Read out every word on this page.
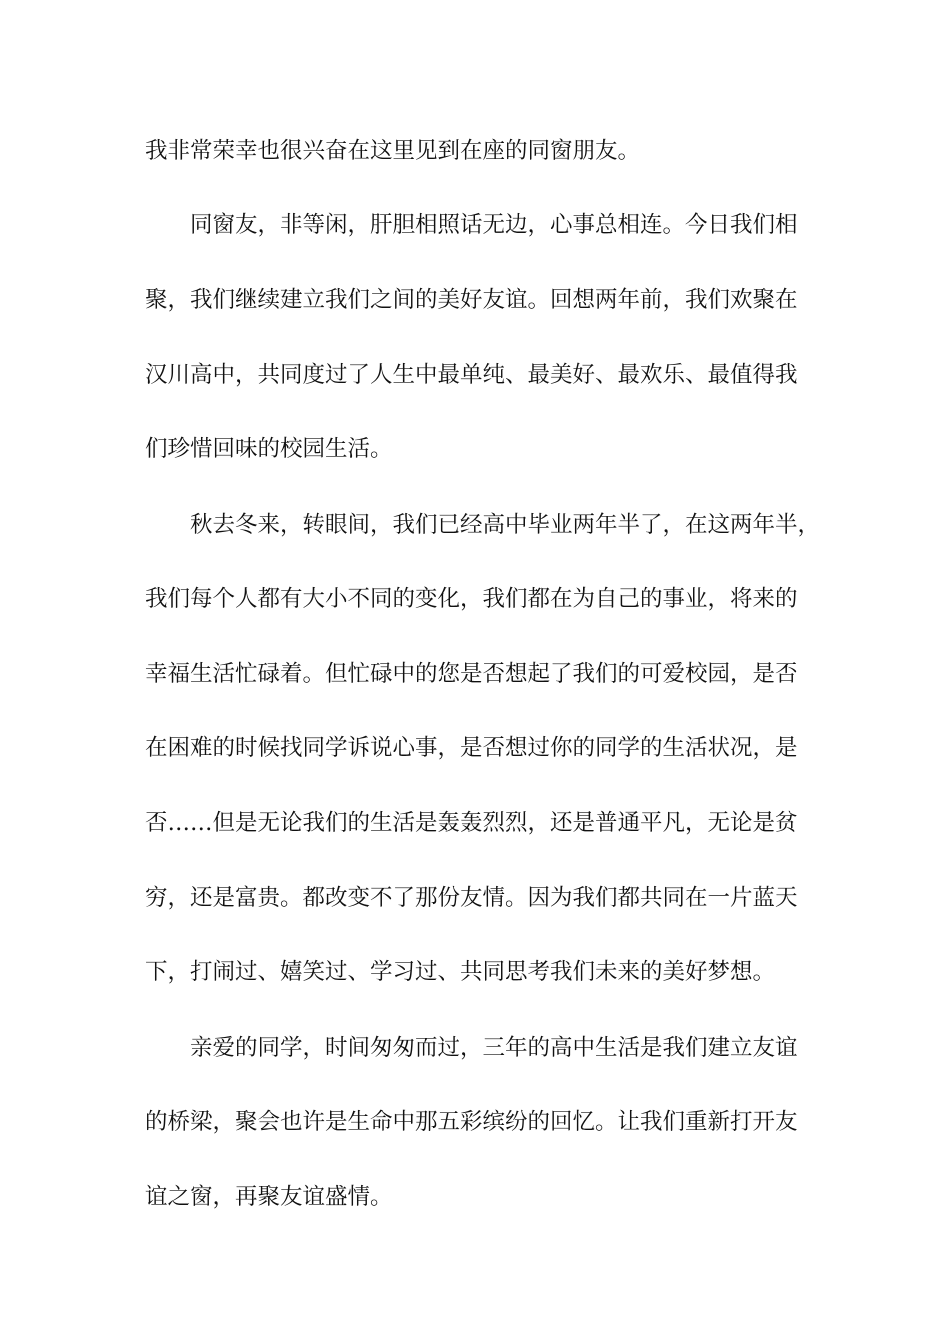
我非常荣幸也很兴奋在这里见到在座的同窗朋友。
同窗友，非等闲，肝胆相照话无边，心事总相连。今日我们相
聚，我们继续建立我们之间的美好友谊。回想两年前，我们欢聚在
汉川高中，共同度过了人生中最单纯、最美好、最欢乐、最值得我
们珍惜回味的校园生活。
秋去冬来，转眼间，我们已经高中毕业两年半了，在这两年半，
我们每个人都有大小不同的变化，我们都在为自己的事业，将来的
幸福生活忙碌着。但忙碌中的您是否想起了我们的可爱校园，是否
在困难的时候找同学诉说心事，是否想过你的同学的生活状况，是
否……但是无论我们的生活是轰轰烈烈，还是普通平凡，无论是贫
穷，还是富贵。都改变不了那份友情。因为我们都共同在一片蓝天
下，打闹过、嬉笑过、学习过、共同思考我们未来的美好梦想。
亲爱的同学，时间匆匆而过，三年的高中生活是我们建立友谊
的桥梁，聚会也许是生命中那五彩缤纷的回忆。让我们重新打开友
谊之窗，再聚友谊盛情。
